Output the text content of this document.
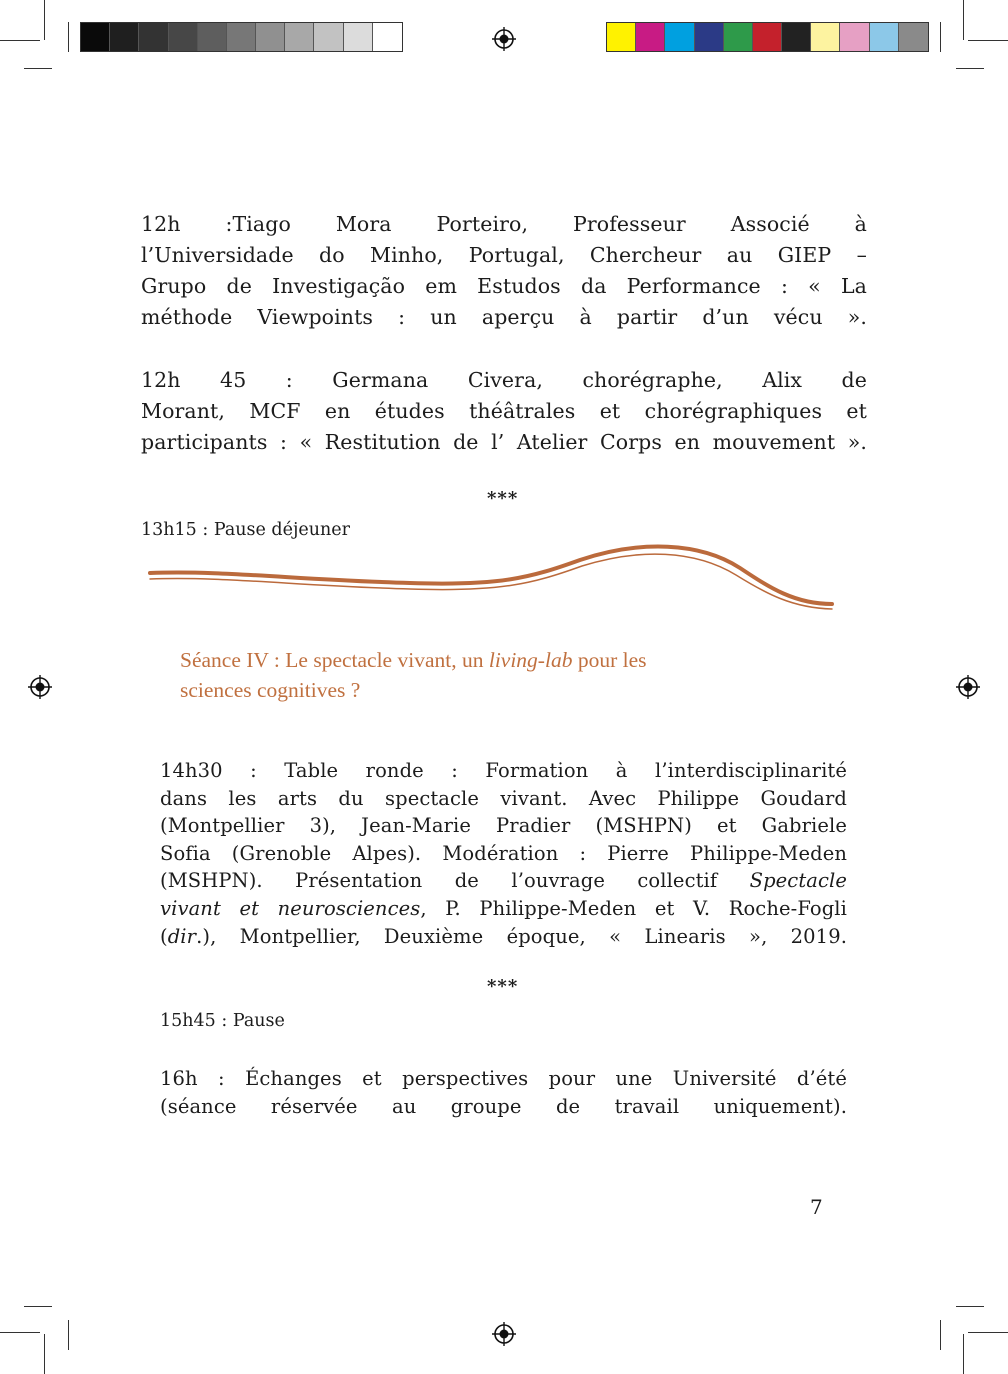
12h :Tiago Mora Porteiro, Professeur Associé à
l’Universidade do Minho, Portugal, Chercheur au GIEP –
Grupo de Investigação em Estudos da Performance : « La
méthode Viewpoints : un aperçu à partir d’un vécu ».
12h 45 : Germana Civera, chorégraphe, Alix de
Morant, MCF en études théâtrales et chorégraphiques et
participants : « Restitution de l’ Atelier Corps en mouvement ».
***
13h15 : Pause déjeuner
Séance IV : Le spectacle vivant, un living-lab pour les
sciences cognitives ?
14h30 : Table ronde : Formation à l’interdisciplinarité
dans les arts du spectacle vivant. Avec Philippe Goudard
(Montpellier 3), Jean-Marie Pradier (MSHPN) et Gabriele
Sofia (Grenoble Alpes). Modération : Pierre Philippe-Meden
(MSHPN). Présentation de l’ouvrage collectif Spectacle
vivant et neurosciences, P. Philippe-Meden et V. Roche-Fogli
(dir.), Montpellier, Deuxième époque, « Linearis », 2019.
***
15h45 : Pause
16h : Échanges et perspectives pour une Université d’été
(séance réservée au groupe de travail uniquement).
7
